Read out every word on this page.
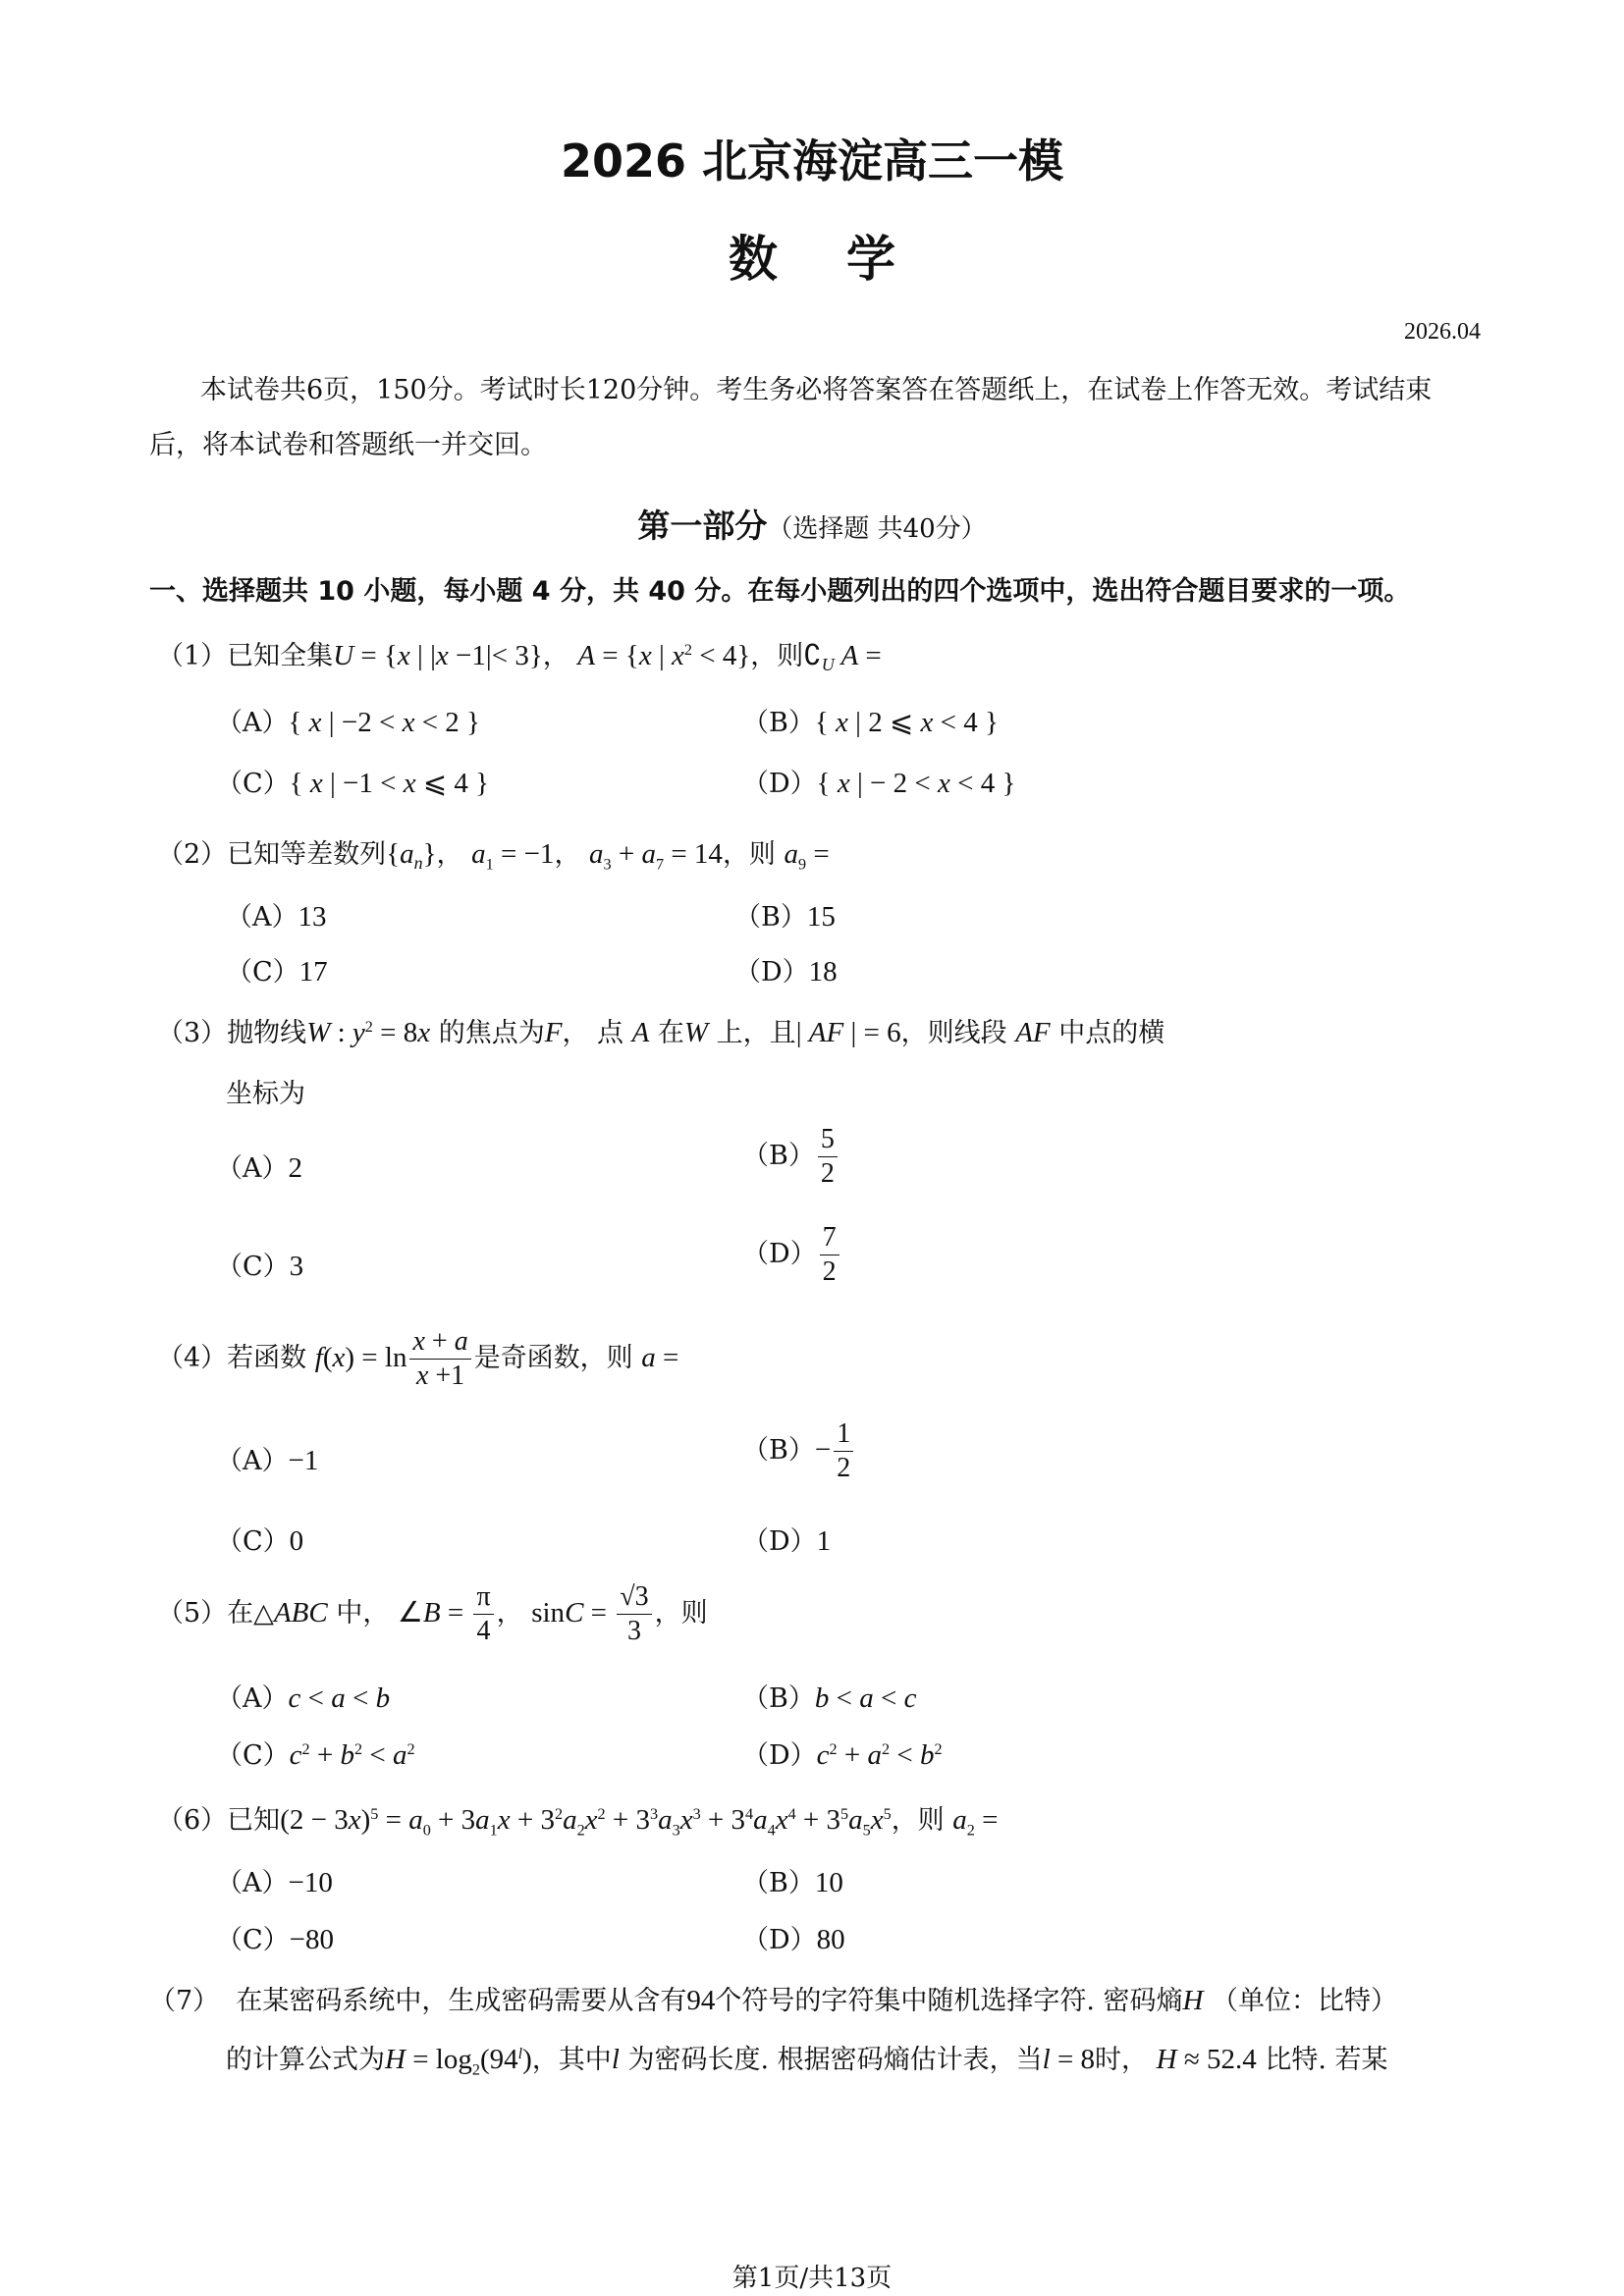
2026 北京海淀高三一模
数学
2026.04
本试卷共6页，150分。考试时长120分钟。考生务必将答案答在答题纸上，在试卷上作答无效。考试结束后，将本试卷和答题纸一并交回。
第一部分（选择题 共40分）
一、选择题共 10 小题，每小题 4 分，共 40 分。在每小题列出的四个选项中，选出符合题目要求的一项。
（1）已知全集U = {x | |x −1|< 3}， A = {x | $x^2 < 4$}，则$∁_U$ A =
（A）{ x | −2 < x < 2 }	（B）{ x | 2 ⩽ x < 4 }
（C）{ x | −1 < x ⩽ 4 }	（D）{ x | − 2 < x < 4 }
（2）已知等差数列$\{a_n\}$， $a_1 = -1$， $a_3 + a_7 = 14$，则 $a_9$ =
（A）13	（B）15
（C）17	（D）18
（3）抛物线W : $y^2 = 8x$ 的焦点为F， 点 A 在W 上，且| AF | = 6，则线段 AF 中点的横
坐标为
（A）2	$(B) \frac{5}{2}$
（C）3	$(D) \frac{7}{2}$
（4）若函数 $f(x) = \ln \frac{x + a}{x +1}$ 是奇函数，则 a =
（A）−1	$(B)- \frac{1}{2}$
（C）0	（D）1
（5）在△ABC 中， ∠B = $\frac{\pi}{4}$ ， $\sin C = \frac{√3}{3}$ ，则
（A）c < a < b	（B）b < a < c
$(C)c^2 + b^2 < a^2$	$(D)c^2 + a^2 < b^2$
（6）已知$(2 - 3x)^5 = a_0 + 3a_1x + 3^2a_2x^2 + 3^3a_3x^3 + 3^4a_4x^4 + 3^5a_5x^5$，则 $a_2$ =
（A）−10	（B）10
（C）−80	（D）80
（7）  在某密码系统中，生成密码需要从含有94个符号的字符集中随机选择字符. 密码熵H （单位：比特）
的计算公式为$H = \log_2(94^l)$，其中l 为密码长度. 根据密码熵估计表，当l = 8时， H ≈ 52.4 比特. 若某
第1页/共13页
